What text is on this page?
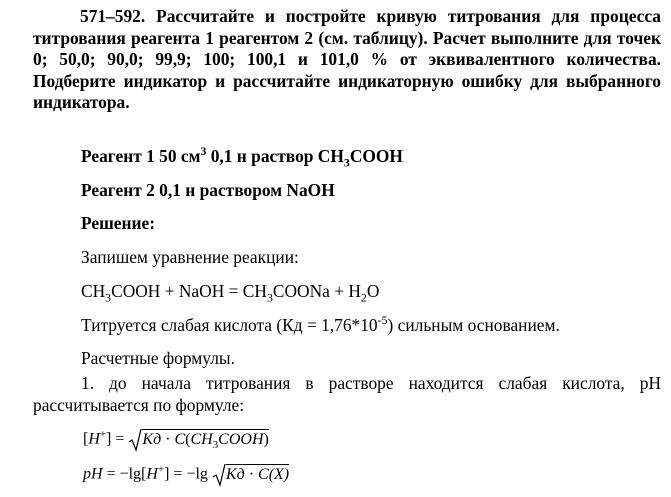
571–592. Рассчитайте и постройте кривую титрования для процесса титрования реагента 1 реагентом 2 (см. таблицу). Расчет выполните для точек 0; 50,0; 90,0; 99,9; 100; 100,1 и 101,0 % от эквивалентного количества. Подберите индикатор и рассчитайте индикаторную ошибку для выбранного индикатора.

Реагент 1 50 $см^3$ 0,1 н раствор $CH_3COOH$

Реагент 2 0,1 н раствором NaOH

Решение:

Запишем уравнение реакции:

$CH_3COOH$ + NaOH = $CH_3COONa + H_2O$

Титруется слабая кислота $(Кд = 1,76*10^{-5})$ сильным основанием.

Расчетные формулы.

1. до начала титрования в растворе находится слабая кислота, рН рассчитывается по формуле:

[H+] = Kд · $C(CH_3COOH)$
pH = −lg[H+] = −lg Kд · C(X)
